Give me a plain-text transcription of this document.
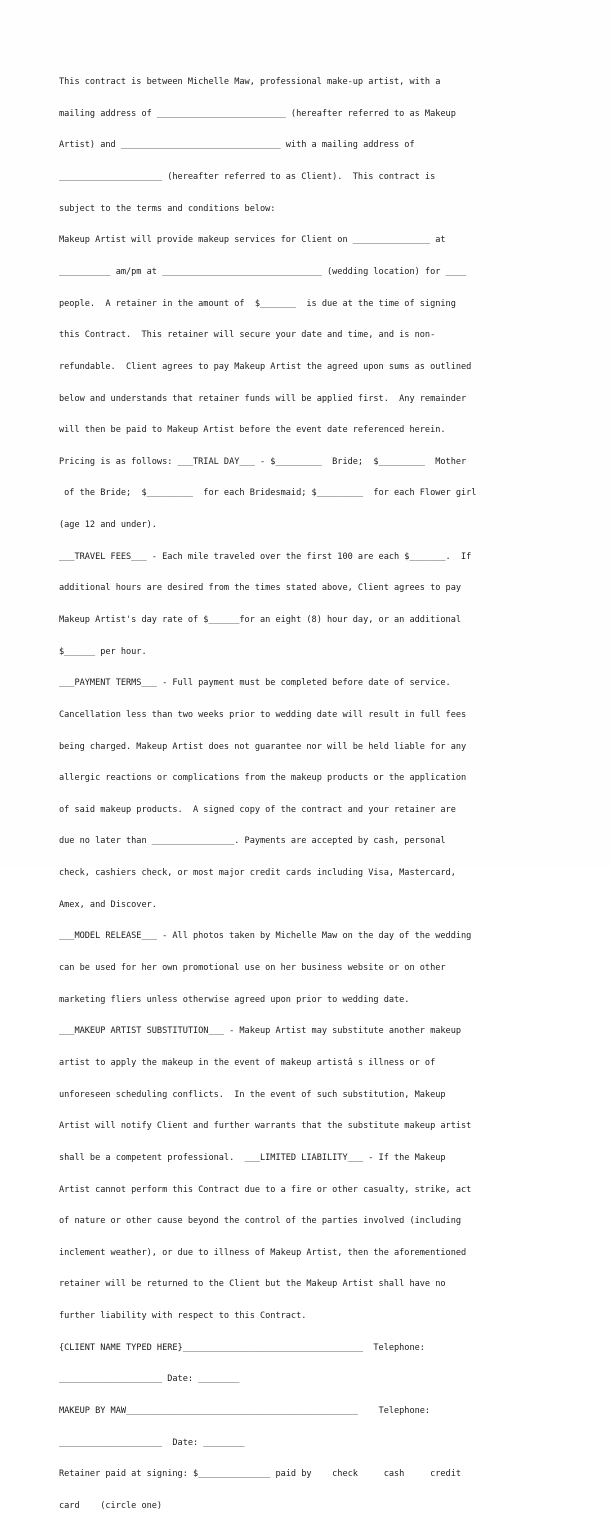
This contract is between Michelle Maw, professional make-up artist, with a

mailing address of _________________________ (hereafter referred to as Makeup

Artist) and _______________________________ with a mailing address of

____________________ (hereafter referred to as Client).  This contract is

subject to the terms and conditions below:

Makeup Artist will provide makeup services for Client on _______________ at

__________ am/pm at _______________________________ (wedding location) for ____

people.  A retainer in the amount of  $_______  is due at the time of signing

this Contract.  This retainer will secure your date and time, and is non-

refundable.  Client agrees to pay Makeup Artist the agreed upon sums as outlined

below and understands that retainer funds will be applied first.  Any remainder

will then be paid to Makeup Artist before the event date referenced herein.

Pricing is as follows: ___TRIAL DAY___ - $_________  Bride;  $_________  Mother

of the Bride;  $_________  for each Bridesmaid; $_________  for each Flower girl

(age 12 and under).

___TRAVEL FEES___ - Each mile traveled over the first 100 are each $_______.  If

additional hours are desired from the times stated above, Client agrees to pay

Makeup Artist's day rate of $______for an eight (8) hour day, or an additional

$______ per hour.

___PAYMENT TERMS___ - Full payment must be completed before date of service.

Cancellation less than two weeks prior to wedding date will result in full fees

being charged. Makeup Artist does not guarantee nor will be held liable for any

allergic reactions or complications from the makeup products or the application

of said makeup products.  A signed copy of the contract and your retainer are

due no later than ________________. Payments are accepted by cash, personal

check, cashiers check, or most major credit cards including Visa, Mastercard,

Amex, and Discover.

___MODEL RELEASE___ - All photos taken by Michelle Maw on the day of the wedding

can be used for her own promotional use on her business website or on other

marketing fliers unless otherwise agreed upon prior to wedding date.

___MAKEUP ARTIST SUBSTITUTION___ - Makeup Artist may substitute another makeup

artist to apply the makeup in the event of makeup artistâ s illness or of

unforeseen scheduling conflicts.  In the event of such substitution, Makeup

Artist will notify Client and further warrants that the substitute makeup artist

shall be a competent professional.  ___LIMITED LIABILITY___ - If the Makeup

Artist cannot perform this Contract due to a fire or other casualty, strike, act

of nature or other cause beyond the control of the parties involved (including

inclement weather), or due to illness of Makeup Artist, then the aforementioned

retainer will be returned to the Client but the Makeup Artist shall have no

further liability with respect to this Contract.

{CLIENT NAME TYPED HERE}___________________________________  Telephone:

____________________ Date: ________

MAKEUP BY MAW_____________________________________________    Telephone:

____________________  Date: ________

Retainer paid at signing: $______________ paid by    check     cash     credit

card    (circle one)
